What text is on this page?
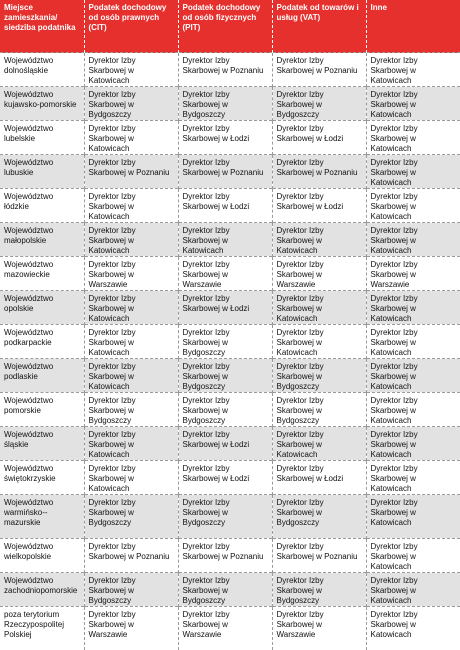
Miejsce zamieszkania/ siedziba podatnika	Podatek dochodowy od osób prawnych (CIT)	Podatek dochodowy od osób fizycznych (PIT)	Podatek od towarów i usług (VAT)	Inne
Województwo dolnośląskie	Dyrektor Izby Skarbowej w Katowicach	Dyrektor Izby Skarbowej w Poznaniu	Dyrektor Izby Skarbowej w Poznaniu	Dyrektor Izby Skarbowej w Katowicach
Województwo kujawsko-pomorskie	Dyrektor Izby Skarbowej w Bydgoszczy	Dyrektor Izby Skarbowej w Bydgoszczy	Dyrektor Izby Skarbowej w Bydgoszczy	Dyrektor Izby Skarbowej w Katowicach
Województwo lubelskie	Dyrektor Izby Skarbowej w Katowicach	Dyrektor Izby Skarbowej w Łodzi	Dyrektor Izby Skarbowej w Łodzi	Dyrektor Izby Skarbowej w Katowicach
Województwo lubuskie	Dyrektor Izby Skarbowej w Poznaniu	Dyrektor Izby Skarbowej w Poznaniu	Dyrektor Izby Skarbowej w Poznaniu	Dyrektor Izby Skarbowej w Katowicach
Województwo łódzkie	Dyrektor Izby Skarbowej w Katowicach	Dyrektor Izby Skarbowej w Łodzi	Dyrektor Izby Skarbowej w Łodzi	Dyrektor Izby Skarbowej w Katowicach
Województwo małopolskie	Dyrektor Izby Skarbowej w Katowicach	Dyrektor Izby Skarbowej w Katowicach	Dyrektor Izby Skarbowej w Katowicach	Dyrektor Izby Skarbowej w Katowicach
Województwo mazowieckie	Dyrektor Izby Skarbowej w Warszawie	Dyrektor Izby Skarbowej w Warszawie	Dyrektor Izby Skarbowej w Warszawie	Dyrektor Izby Skarbowej w Warszawie
Województwo opolskie	Dyrektor Izby Skarbowej w Katowicach	Dyrektor Izby Skarbowej w Łodzi	Dyrektor Izby Skarbowej w Katowicach	Dyrektor Izby Skarbowej w Katowicach
Województwo podkarpackie	Dyrektor Izby Skarbowej w Katowicach	Dyrektor Izby Skarbowej w Bydgoszczy	Dyrektor Izby Skarbowej w Katowicach	Dyrektor Izby Skarbowej w Katowicach
Województwo podlaskie	Dyrektor Izby Skarbowej w Katowicach	Dyrektor Izby Skarbowej w Bydgoszczy	Dyrektor Izby Skarbowej w Bydgoszczy	Dyrektor Izby Skarbowej w Katowicach
Województwo pomorskie	Dyrektor Izby Skarbowej w Bydgoszczy	Dyrektor Izby Skarbowej w Bydgoszczy	Dyrektor Izby Skarbowej w Bydgoszczy	Dyrektor Izby Skarbowej w Katowicach
Województwo śląskie	Dyrektor Izby Skarbowej w Katowicach	Dyrektor Izby Skarbowej w Łodzi	Dyrektor Izby Skarbowej w Katowicach	Dyrektor Izby Skarbowej w Katowicach
Województwo świętokrzyskie	Dyrektor Izby Skarbowej w Katowicach	Dyrektor Izby Skarbowej w Łodzi	Dyrektor Izby Skarbowej w Łodzi	Dyrektor Izby Skarbowej w Katowicach
Województwo warmińsko--mazurskie	Dyrektor Izby Skarbowej w Bydgoszczy	Dyrektor Izby Skarbowej w Bydgoszczy	Dyrektor Izby Skarbowej w Bydgoszczy	Dyrektor Izby Skarbowej w Katowicach
Województwo wielkopolskie	Dyrektor Izby Skarbowej w Poznaniu	Dyrektor Izby Skarbowej w Poznaniu	Dyrektor Izby Skarbowej w Poznaniu	Dyrektor Izby Skarbowej w Katowicach
Województwo zachodniopomorskie	Dyrektor Izby Skarbowej w Bydgoszczy	Dyrektor Izby Skarbowej w Bydgoszczy	Dyrektor Izby Skarbowej w Bydgoszczy	Dyrektor Izby Skarbowej w Katowicach
poza terytorium Rzeczypospolitej Polskiej	Dyrektor Izby Skarbowej w Warszawie	Dyrektor Izby Skarbowej w Warszawie	Dyrektor Izby Skarbowej w Warszawie	Dyrektor Izby Skarbowej w Katowicach
